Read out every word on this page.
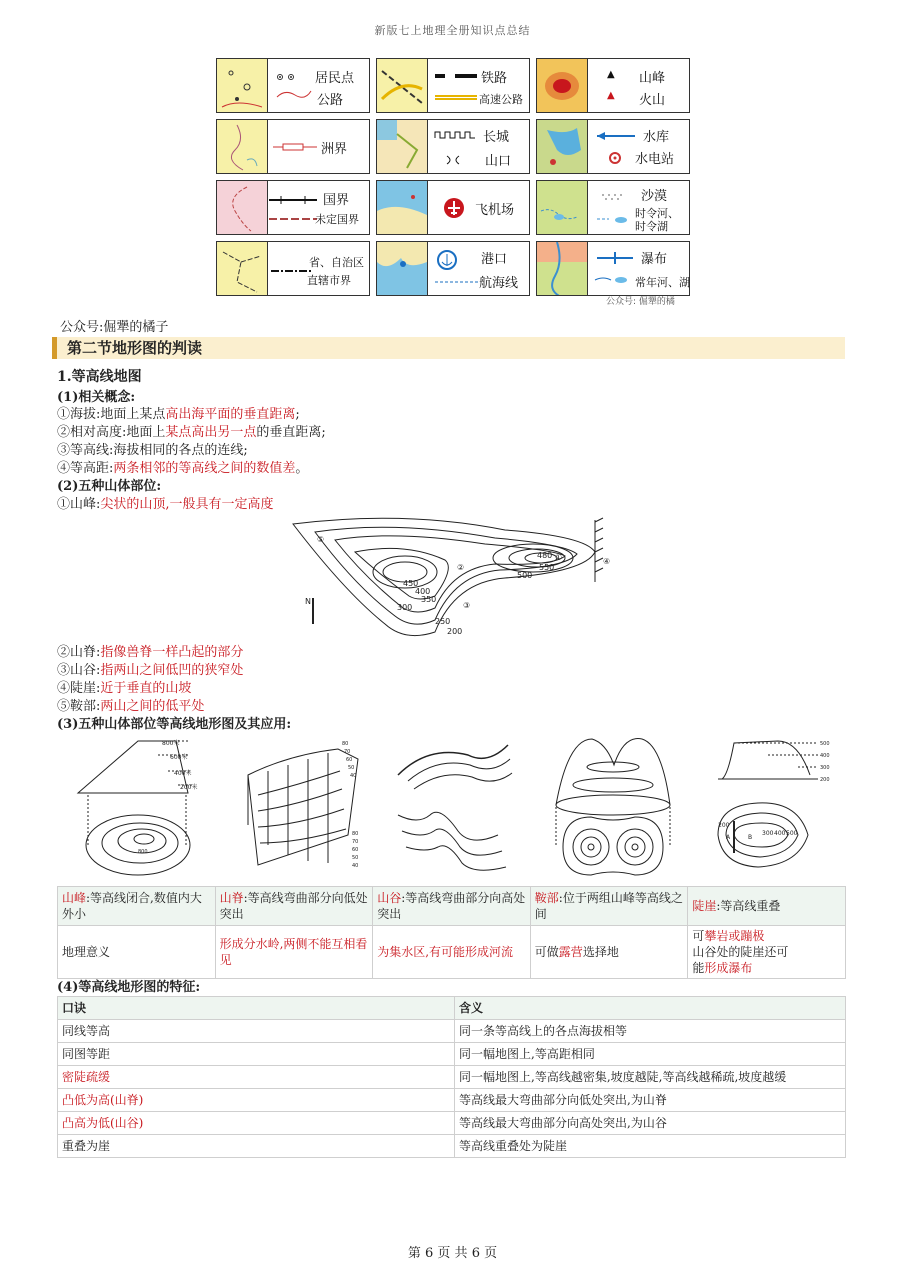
新版七上地理全册知识点总结
居民点
公路
铁路
高速公路
▲
▲
山峰
火山
洲界
长城
山口
水库
水电站
国界
未定国界
飞机场
沙漠
时令河、
时令湖
省、自治区
直辖市界
港口
航海线
瀑布
常年河、湖
公众号: 倔犟的橘
公众号:倔犟的橘子
第二节地形图的判读
1.等高线地图
(1)相关概念:
①海拔:地面上某点高出海平面的垂直距离;
②相对高度:地面上某点高出另一点的垂直距离;
③等高线:海拔相同的各点的连线;
④等高距:两条相邻的等高线之间的数值差。
(2)五种山体部位:
①山峰:尖状的山顶,一般具有一定高度
450
400
350
300
250
200
480
550
500
①
②
③
④
⑤
N
②山脊:指像兽脊一样凸起的部分
③山谷:指两山之间低凹的狭窄处
④陡崖:近于垂直的山坡
⑤鞍部:两山之间的低平处
(3)五种山体部位等高线地形图及其应用:
800米
600米
400米
200米
800
80
70
60
50
40
80
70
60
50
40
500
400
300
200
200
300 400 500
B
A
山峰:等高线闭合,数值内大外小	山脊:等高线弯曲部分向低处突出	山谷:等高线弯曲部分向高处突出	鞍部:位于两组山峰等高线之间	陡崖:等高线重叠
地理意义	形成分水岭,两侧不能互相看见	为集水区,有可能形成河流	可做露营选择地	可攀岩或蹦极
山谷处的陡崖还可
能形成瀑布
(4)等高线地形图的特征:
口诀	含义
同线等高	同一条等高线上的各点海拔相等
同图等距	同一幅地图上,等高距相同
密陡疏缓	同一幅地图上,等高线越密集,坡度越陡,等高线越稀疏,坡度越缓
凸低为高(山脊)	等高线最大弯曲部分向低处突出,为山脊
凸高为低(山谷)	等高线最大弯曲部分向高处突出,为山谷
重叠为崖	等高线重叠处为陡崖
第 6 页 共 6 页
